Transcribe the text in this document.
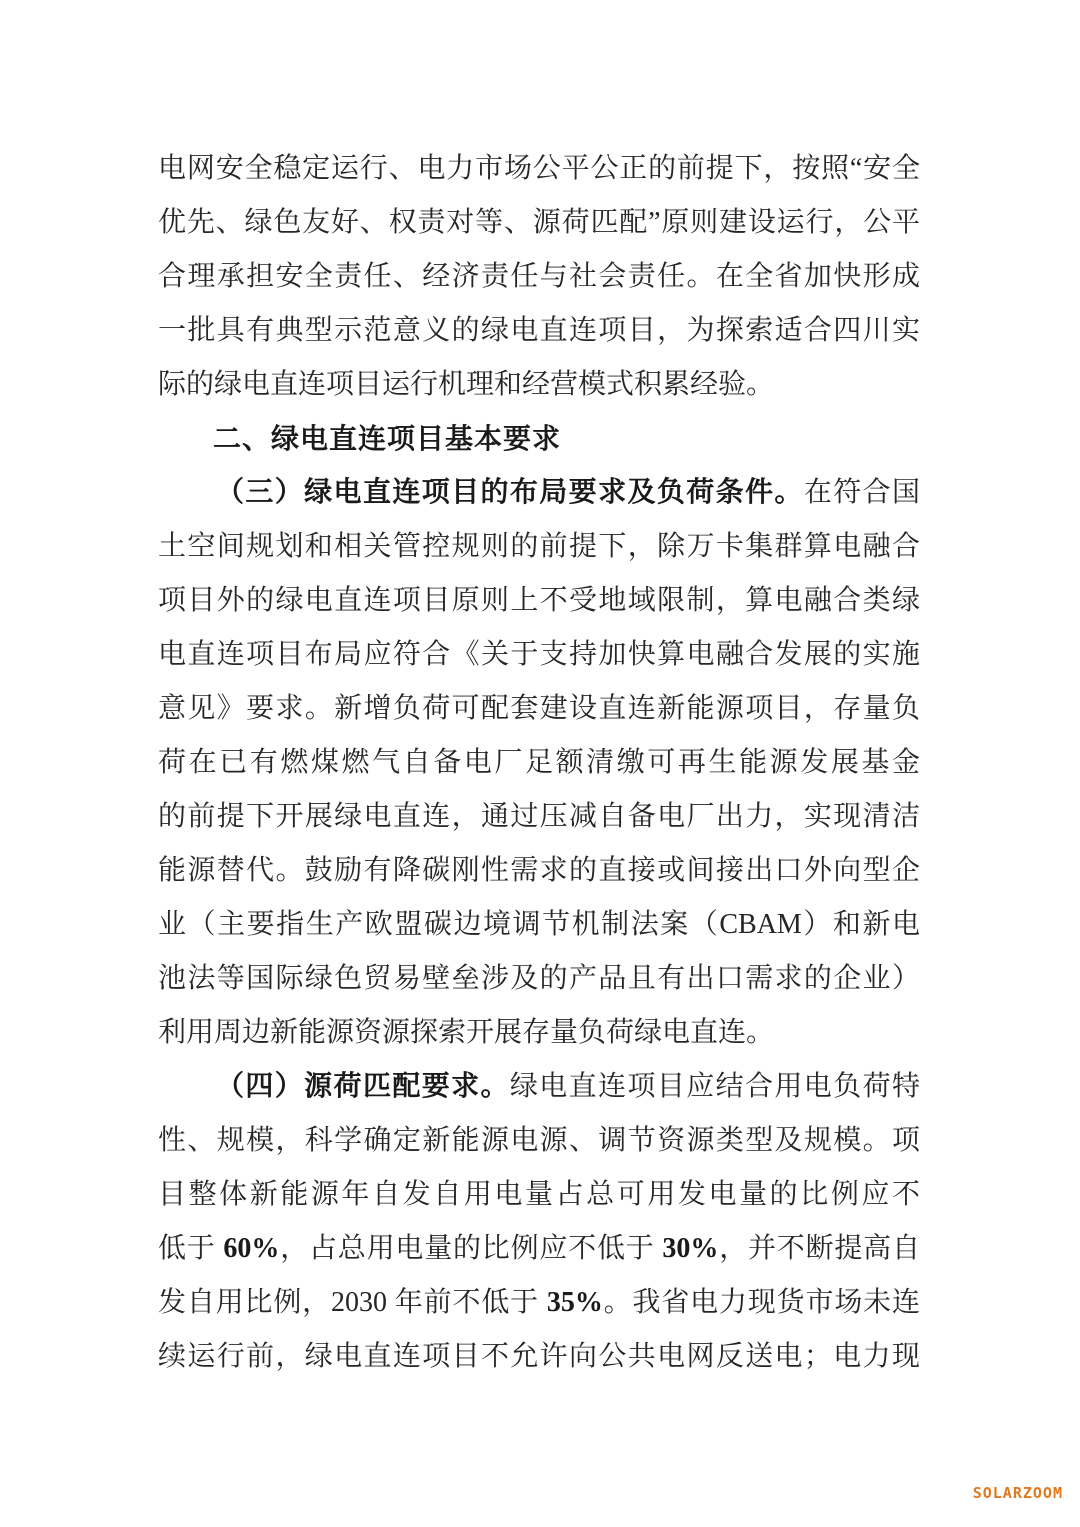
电网安全稳定运行、电力市场公平公正的前提下，按照“安全
优先、绿色友好、权责对等、源荷匹配”原则建设运行，公平
合理承担安全责任、经济责任与社会责任。在全省加快形成
一批具有典型示范意义的绿电直连项目，为探索适合四川实
际的绿电直连项目运行机理和经营模式积累经验。
二、绿电直连项目基本要求
（三）绿电直连项目的布局要求及负荷条件。在符合国
土空间规划和相关管控规则的前提下，除万卡集群算电融合
项目外的绿电直连项目原则上不受地域限制，算电融合类绿
电直连项目布局应符合《关于支持加快算电融合发展的实施
意见》要求。新增负荷可配套建设直连新能源项目，存量负
荷在已有燃煤燃气自备电厂足额清缴可再生能源发展基金
的前提下开展绿电直连，通过压减自备电厂出力，实现清洁
能源替代。鼓励有降碳刚性需求的直接或间接出口外向型企
业（主要指生产欧盟碳边境调节机制法案（CBAM）和新电
池法等国际绿色贸易壁垒涉及的产品且有出口需求的企业）
利用周边新能源资源探索开展存量负荷绿电直连。
（四）源荷匹配要求。绿电直连项目应结合用电负荷特
性、规模，科学确定新能源电源、调节资源类型及规模。项
目整体新能源年自发自用电量占总可用发电量的比例应不
低于 60%，占总用电量的比例应不低于 30%，并不断提高自
发自用比例，2030 年前不低于 35%。我省电力现货市场未连
续运行前，绿电直连项目不允许向公共电网反送电；电力现
SOLARZOOM
